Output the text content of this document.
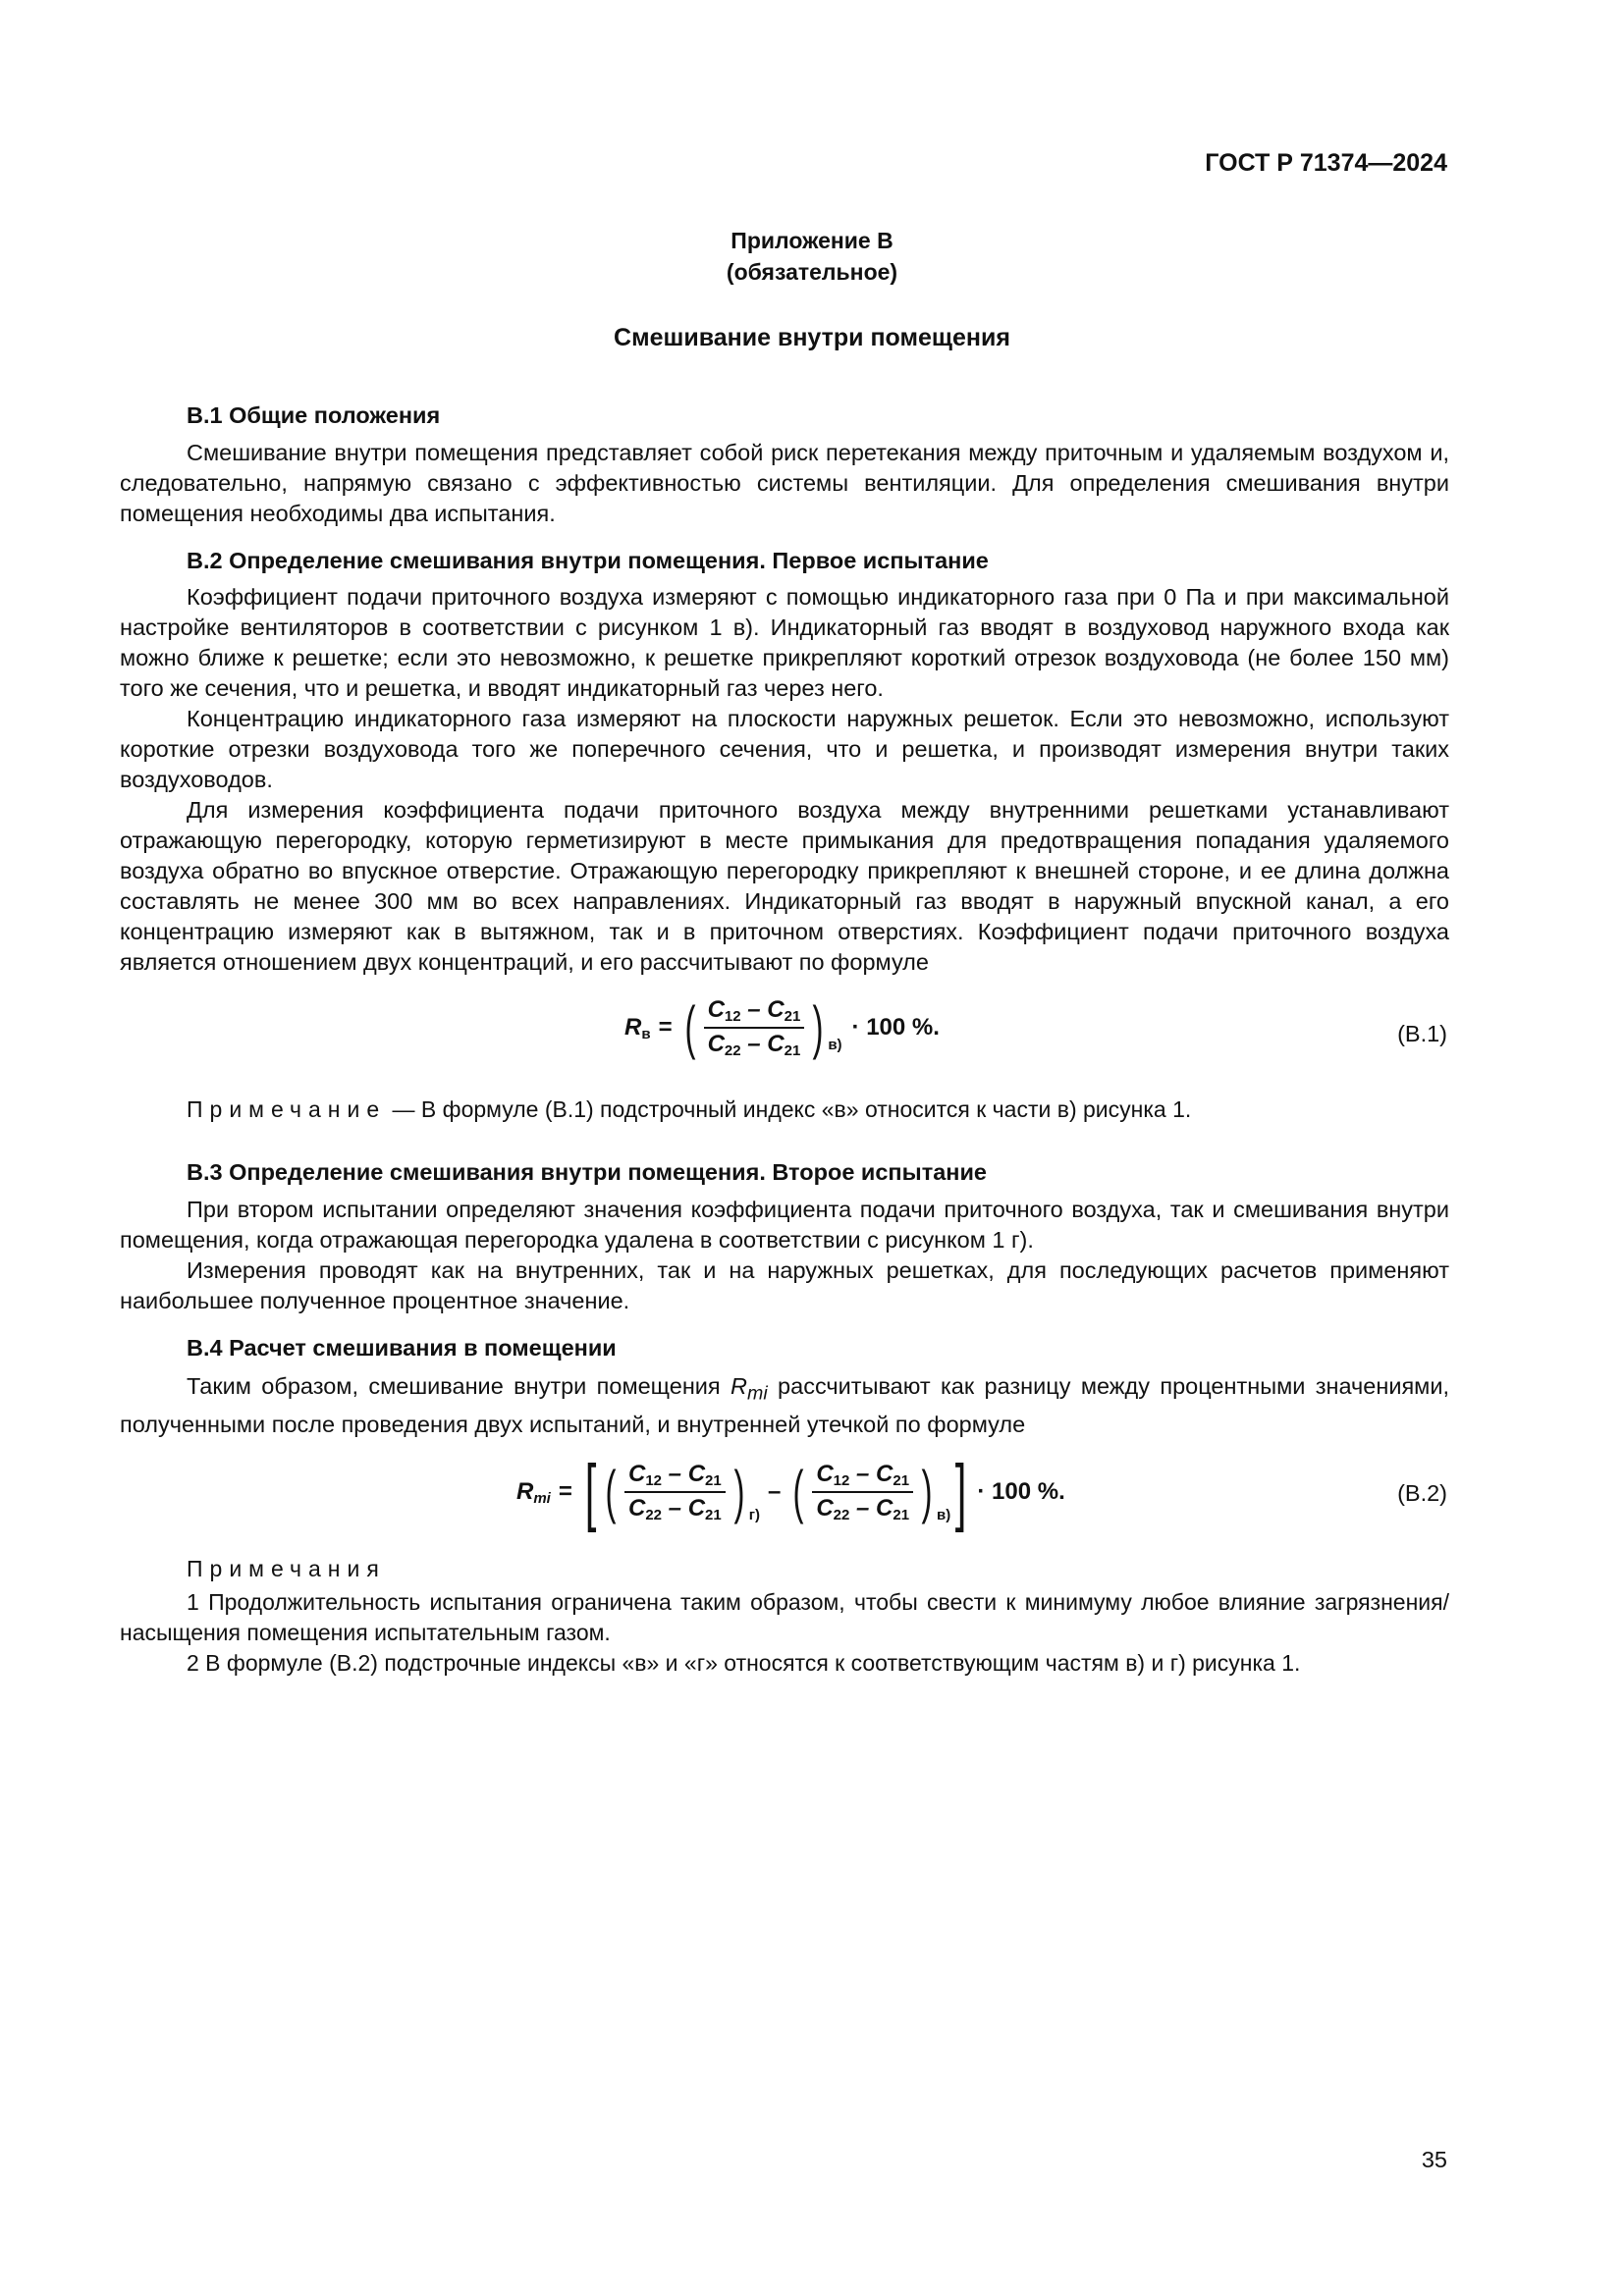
ГОСТ Р 71374—2024
Приложение В
(обязательное)
Смешивание внутри помещения
В.1 Общие положения

Смешивание внутри помещения представляет собой риск перетекания между приточным и удаляемым воздухом и, следовательно, напрямую связано с эффективностью системы вентиляции. Для определения смешивания внутри помещения необходимы два испытания.

В.2 Определение смешивания внутри помещения. Первое испытание

Коэффициент подачи приточного воздуха измеряют с помощью индикаторного газа при 0 Па и при максимальной настройке вентиляторов в соответствии с рисунком 1 в). Индикаторный газ вводят в воздуховод наружного входа как можно ближе к решетке; если это невозможно, к решетке прикрепляют короткий отрезок воздуховода (не более 150 мм) того же сечения, что и решетка, и вводят индикаторный газ через него.

Концентрацию индикаторного газа измеряют на плоскости наружных решеток. Если это невозможно, используют короткие отрезки воздуховода того же поперечного сечения, что и решетка, и производят измерения внутри таких воздуховодов.

Для измерения коэффициента подачи приточного воздуха между внутренними решетками устанавливают отражающую перегородку, которую герметизируют в месте примыкания для предотвращения попадания удаляемого воздуха обратно во впускное отверстие. Отражающую перегородку прикрепляют к внешней стороне, и ее длина должна составлять не менее 300 мм во всех направлениях. Индикаторный газ вводят в наружный впускной канал, а его концентрацию измеряют как в вытяжном, так и в приточном отверстиях. Коэффициент подачи приточного воздуха является отношением двух концентраций, и его рассчитывают по формуле

$R_в$ = ( $\frac{C_{12} - C_{21}}{C_{22} - C_{21}}$ ) в)
· 100 %.	(В.1)
Примечание — В формуле (В.1) подстрочный индекс «в» относится к части в) рисунка 1.
В.3 Определение смешивания внутри помещения. Второе испытание

При втором испытании определяют значения коэффициента подачи приточного воздуха, так и смешивания внутри помещения, когда отражающая перегородка удалена в соответствии с рисунком 1 г).

Измерения проводят как на внутренних, так и на наружных решетках, для последующих расчетов применяют наибольшее полученное процентное значение.

В.4 Расчет смешивания в помещении

Таким образом, смешивание внутри помещения $R_{mi}$ рассчитывают как разницу между процентными значениями, полученными после проведения двух испытаний, и внутренней утечкой по формуле

$R_{mi}$ = [ ( $\frac{C_{12} - C_{21}}{C_{22} - C_{21}}$ ) г)
– ( $\frac{C_{12} - C_{21}}{C_{22} - C_{21}}$ ) в) ] · 100 %.	(В.2)
Примечания

1 Продолжительность испытания ограничена таким образом, чтобы свести к минимуму любое влияние загрязнения/насыщения помещения испытательным газом.

2 В формуле (В.2) подстрочные индексы «в» и «г» относятся к соответствующим частям в) и г) рисунка 1.

35
